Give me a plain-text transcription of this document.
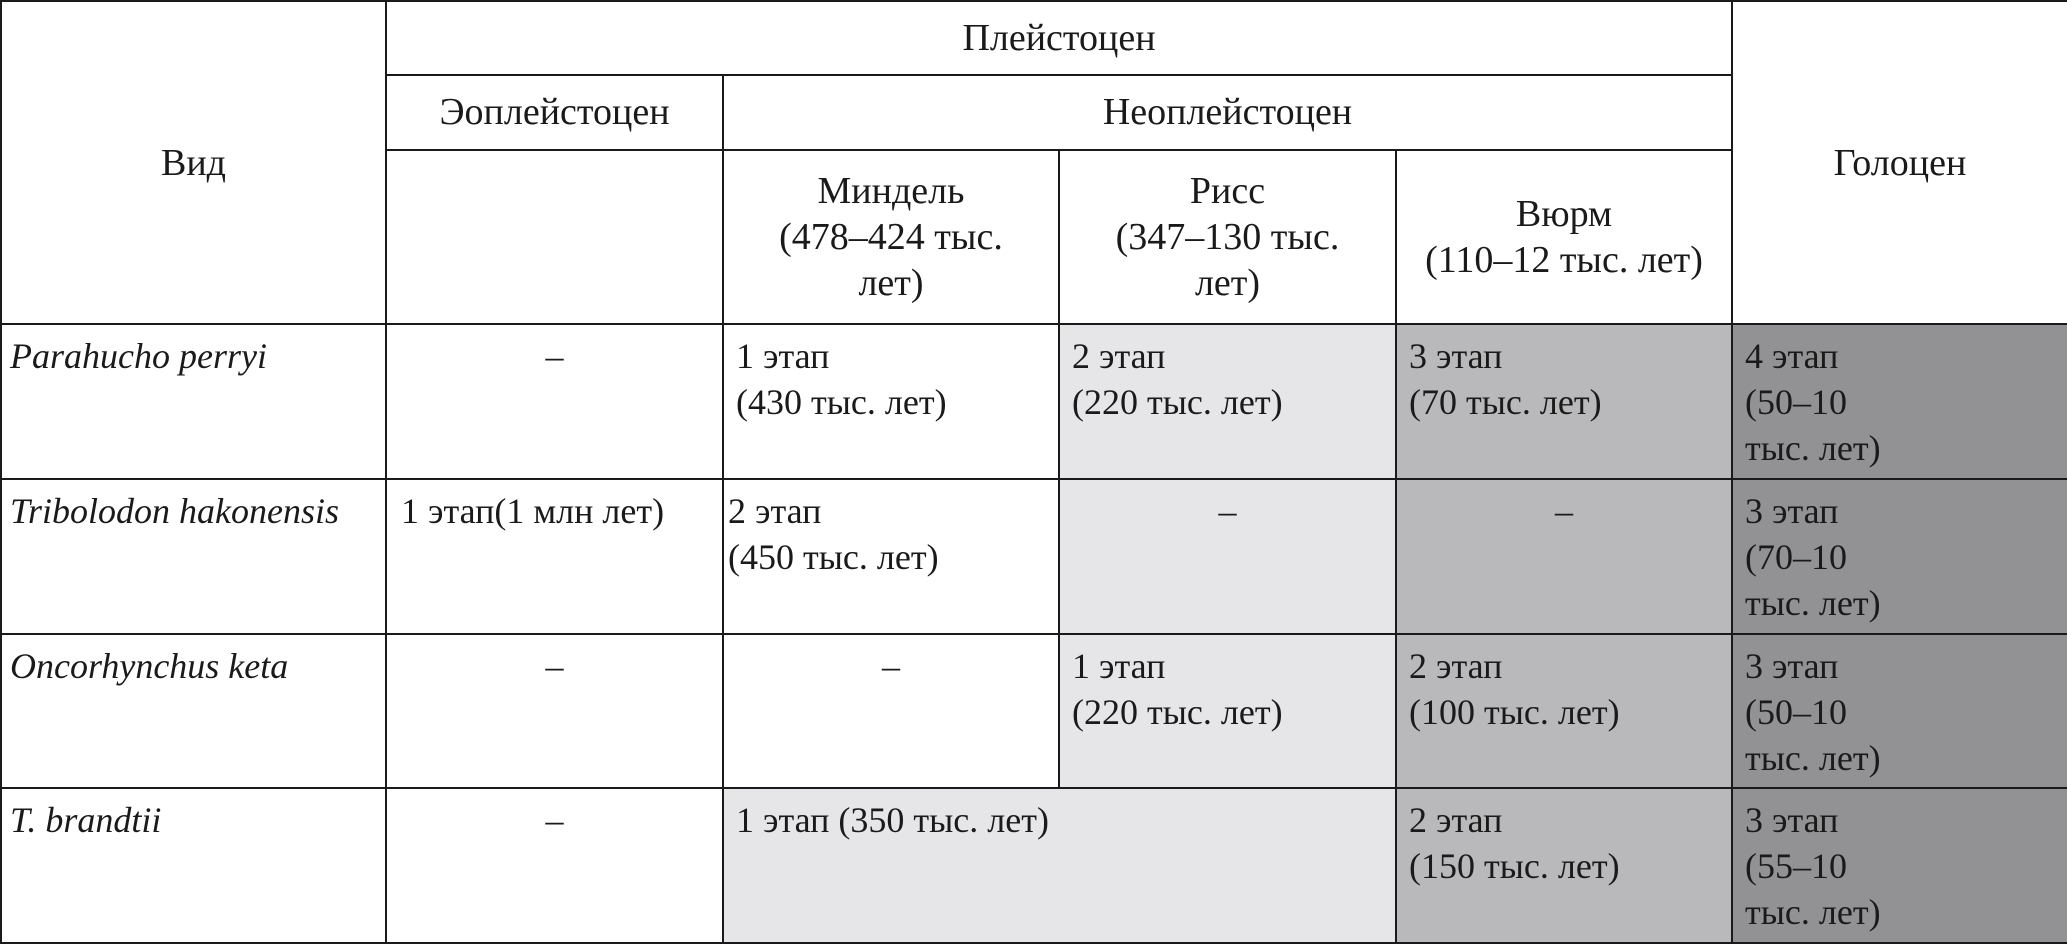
Вид	Плейстоцен				Голоцен
	Эоплейстоцен	Неоплейстоцен			

		Миндель
(478–424 тыс.
лет)	Рисс
(347–130 тыс.
лет)	Вюрм
(110–12 тыс. лет)	

Parahucho perryi	–	1 этап
(430 тыс. лет)	2 этап
(220 тыс. лет)	3 этап
(70 тыс. лет)	4 этап
(50–10
тыс. лет)

Tribolodon hakonensis	1 этап(1 млн лет)	2 этап
(450 тыс. лет)	–	–	3 этап
(70–10
тыс. лет)

Oncorhynchus keta	–	–	1 этап
(220 тыс. лет)	2 этап
(100 тыс. лет)	3 этап
(50–10
тыс. лет)

T. brandtii	–	1 этап (350 тыс. лет)		2 этап
(150 тыс. лет)	3 этап
(55–10
тыс. лет)
